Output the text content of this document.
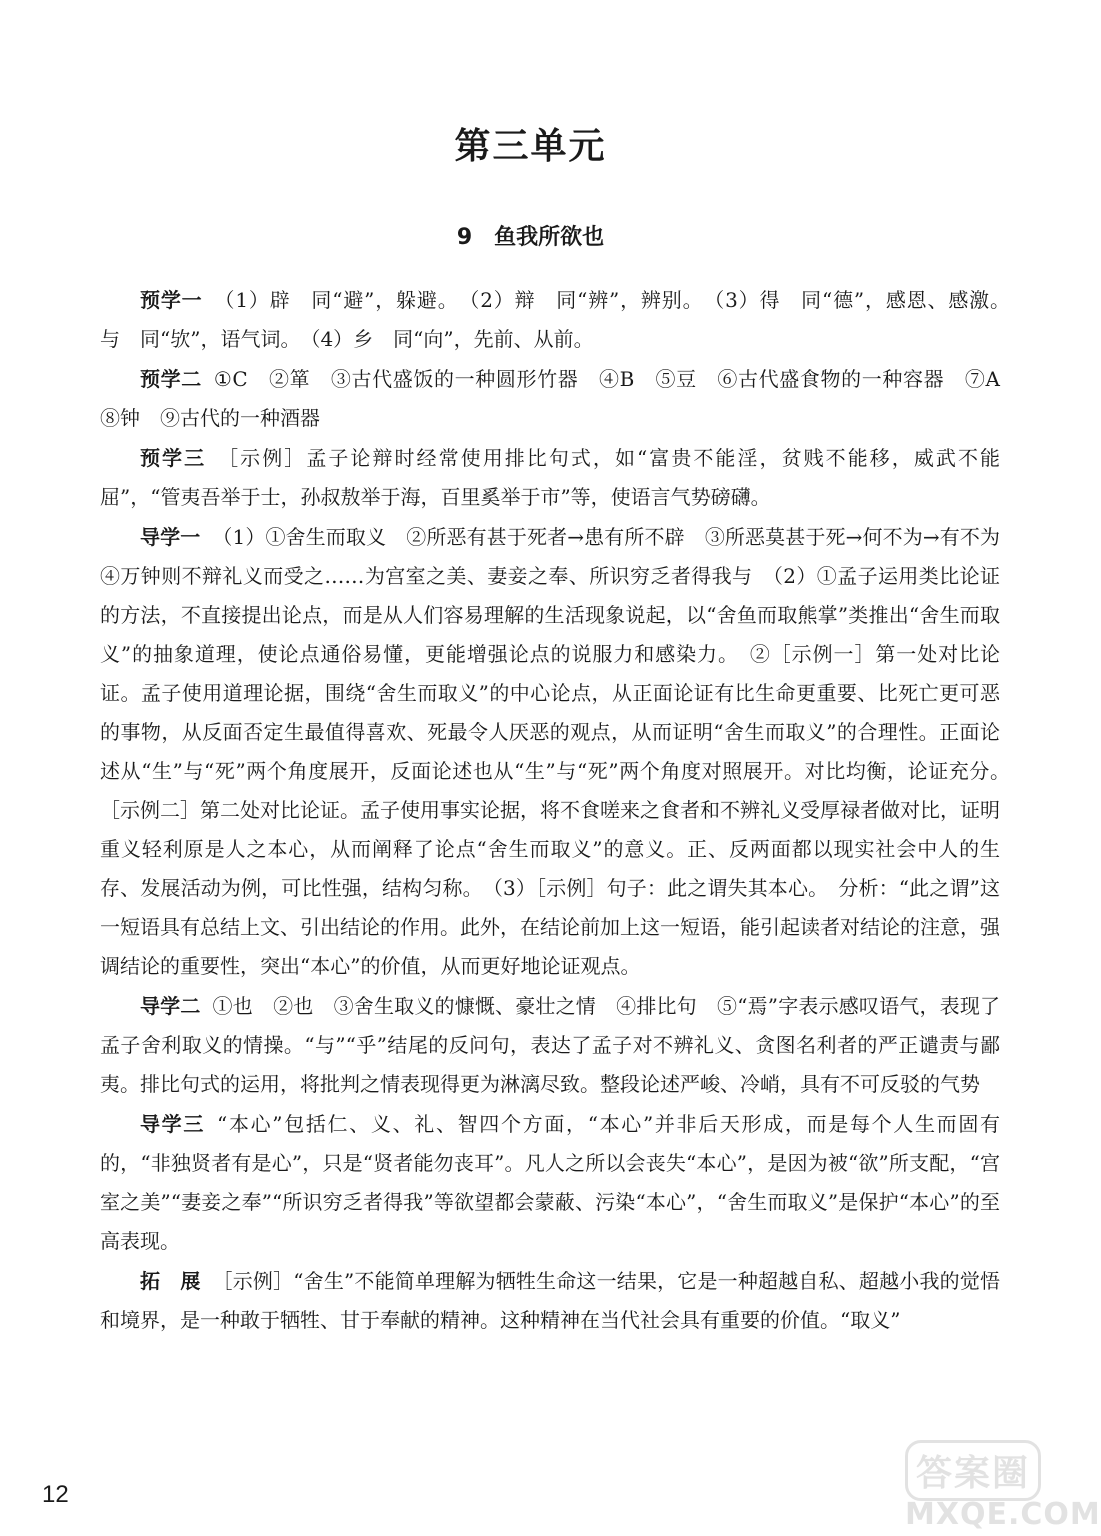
第三单元
9 鱼我所欲也

预学一 （1）辟　同“避”，躲避。　（2）辩　同“辨”，辨别。　（3）得　同“德”，感恩、感激。　与　同“欤”，语气词。　（4）乡　同“向”，先前、从前。

预学二 ①C　②箪　③古代盛饭的一种圆形竹器　④B　⑤豆　⑥古代盛食物的一种容器　⑦A　⑧钟　⑨古代的一种酒器

预学三 ［示例］孟子论辩时经常使用排比句式，如“富贵不能淫，贫贱不能移，威武不能屈”，“管夷吾举于士，孙叔敖举于海，百里奚举于市”等，使语言气势磅礴。

导学一 （1）①舍生而取义　②所恶有甚于死者→患有所不辟　③所恶莫甚于死→何不为→有不为　④万钟则不辩礼义而受之……为宫室之美、妻妾之奉、所识穷乏者得我与　（2）①孟子运用类比论证的方法，不直接提出论点，而是从人们容易理解的生活现象说起，以“舍鱼而取熊掌”类推出“舍生而取义”的抽象道理，使论点通俗易懂，更能增强论点的说服力和感染力。　②［示例一］第一处对比论证。孟子使用道理论据，围绕“舍生而取义”的中心论点，从正面论证有比生命更重要、比死亡更可恶的事物，从反面否定生最值得喜欢、死最令人厌恶的观点，从而证明“舍生而取义”的合理性。正面论述从“生”与“死”两个角度展开，反面论述也从“生”与“死”两个角度对照展开。对比均衡，论证充分。　［示例二］第二处对比论证。孟子使用事实论据，将不食嗟来之食者和不辨礼义受厚禄者做对比，证明重义轻利原是人之本心，从而阐释了论点“舍生而取义”的意义。正、反两面都以现实社会中人的生存、发展活动为例，可比性强，结构匀称。　（3）［示例］句子：此之谓失其本心。　分析：“此之谓”这一短语具有总结上文、引出结论的作用。此外，在结论前加上这一短语，能引起读者对结论的注意，强调结论的重要性，突出“本心”的价值，从而更好地论证观点。

导学二 ①也　②也　③舍生取义的慷慨、豪壮之情　④排比句　⑤“焉”字表示感叹语气，表现了孟子舍利取义的情操。“与”“乎”结尾的反问句，表达了孟子对不辨礼义、贪图名利者的严正谴责与鄙夷。排比句式的运用，将批判之情表现得更为淋漓尽致。整段论述严峻、冷峭，具有不可反驳的气势

导学三 “本心”包括仁、义、礼、智四个方面，“本心”并非后天形成，而是每个人生而固有的，“非独贤者有是心”，只是“贤者能勿丧耳”。凡人之所以会丧失“本心”，是因为被“欲”所支配，“宫室之美”“妻妾之奉”“所识穷乏者得我”等欲望都会蒙蔽、污染“本心”，“舍生而取义”是保护“本心”的至高表现。

拓　展 ［示例］“舍生”不能简单理解为牺牲生命这一结果，它是一种超越自私、超越小我的觉悟和境界，是一种敢于牺牲、甘于奉献的精神。这种精神在当代社会具有重要的价值。“取义”

12
答案圈
MXQE.COM
